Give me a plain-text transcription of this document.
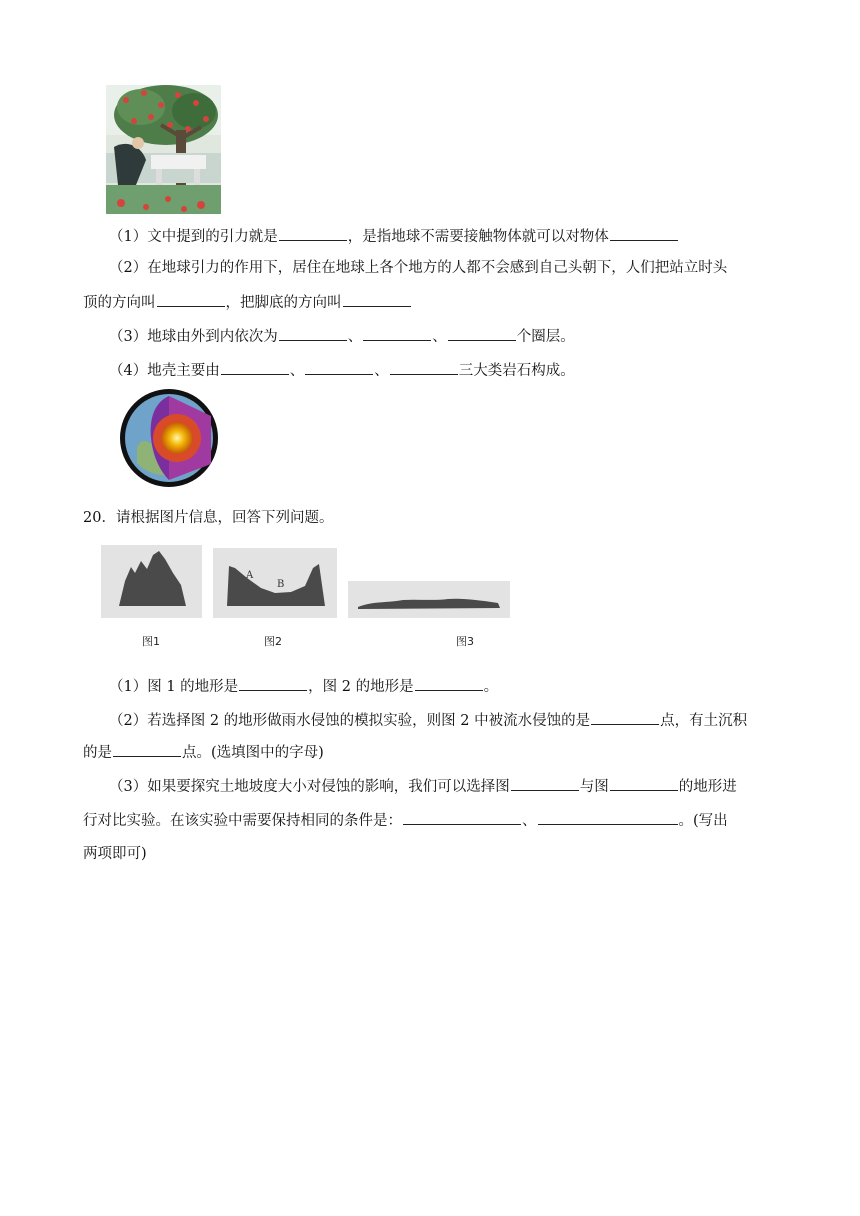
（1）文中提到的引力就是	，是指地球不需要接触物体就可以对物体
（2）在地球引力的作用下，居住在地球上各个地方的人都不会感到自己头朝下，人们把站立时头
顶的方向叫	，把脚底的方向叫
（3）地球由外到内依次为	、	、	个圈层。
（4）地壳主要由	、	、	三大类岩石构成。
20．请根据图片信息，回答下列问题。
A
B
图1	图2	图3
（1）图 1 的地形是	，图 2 的地形是	。
（2）若选择图 2 的地形做雨水侵蚀的模拟实验，则图 2 中被流水侵蚀的是	点，有土沉积
的是	点。(选填图中的字母)
（3）如果要探究土地坡度大小对侵蚀的影响，我们可以选择图	与图	的地形进
行对比实验。在该实验中需要保持相同的条件是：	、	。(写出
两项即可)
